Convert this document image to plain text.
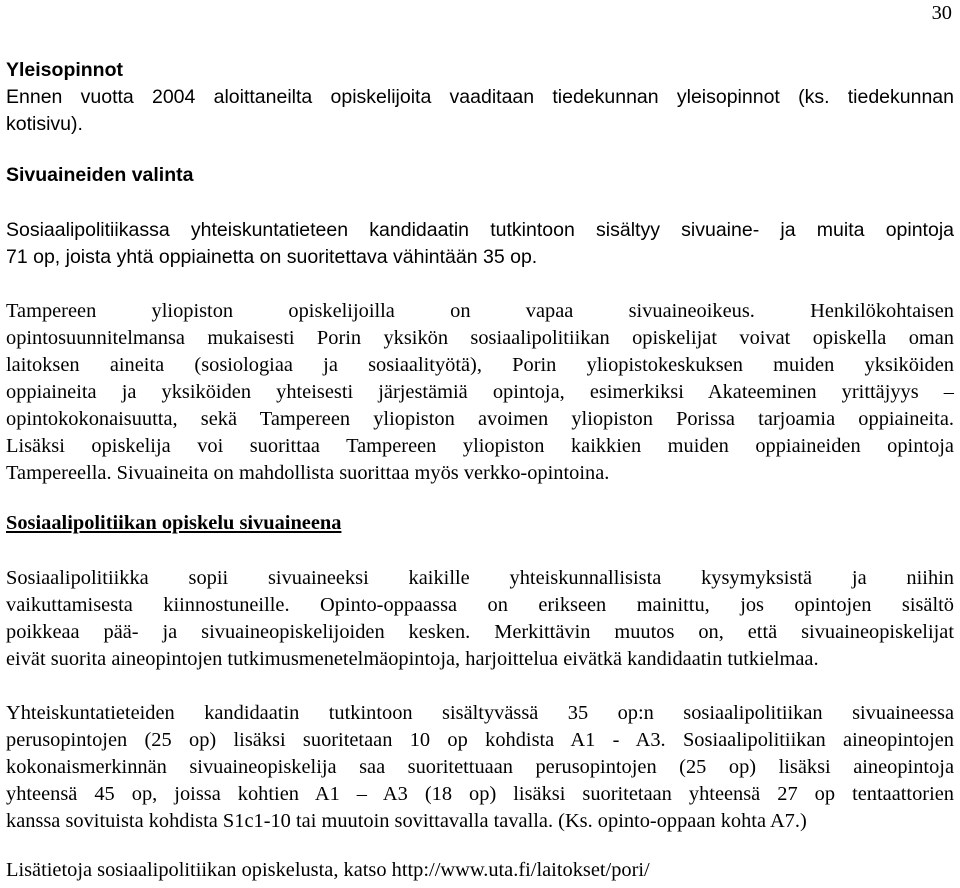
30
Yleisopinnot
Ennen vuotta 2004 aloittaneilta opiskelijoita vaaditaan tiedekunnan yleisopinnot (ks. tiedekunnan
kotisivu).
Sivuaineiden valinta
Sosiaalipolitiikassa yhteiskuntatieteen kandidaatin tutkintoon sisältyy sivuaine- ja muita opintoja
71 op, joista yhtä oppiainetta on suoritettava vähintään 35 op.
Tampereen yliopiston opiskelijoilla on vapaa sivuaineoikeus. Henkilökohtaisen
opintosuunnitelmansa mukaisesti Porin yksikön sosiaalipolitiikan opiskelijat voivat opiskella oman
laitoksen aineita (sosiologiaa ja sosiaalityötä), Porin yliopistokeskuksen muiden yksiköiden
oppiaineita ja yksiköiden yhteisesti järjestämiä opintoja, esimerkiksi Akateeminen yrittäjyys –
opintokokonaisuutta, sekä Tampereen yliopiston avoimen yliopiston Porissa tarjoamia oppiaineita.
Lisäksi opiskelija voi suorittaa Tampereen yliopiston kaikkien muiden oppiaineiden opintoja
Tampereella. Sivuaineita on mahdollista suorittaa myös verkko-opintoina.
Sosiaalipolitiikan opiskelu sivuaineena
Sosiaalipolitiikka sopii sivuaineeksi kaikille yhteiskunnallisista kysymyksistä ja niihin
vaikuttamisesta kiinnostuneille. Opinto-oppaassa on erikseen mainittu, jos opintojen sisältö
poikkeaa pää- ja sivuaineopiskelijoiden kesken. Merkittävin muutos on, että sivuaineopiskelijat
eivät suorita aineopintojen tutkimusmenetelmäopintoja, harjoittelua eivätkä kandidaatin tutkielmaa.
Yhteiskuntatieteiden kandidaatin tutkintoon sisältyvässä 35 op:n sosiaalipolitiikan sivuaineessa
perusopintojen (25 op) lisäksi suoritetaan 10 op kohdista A1 - A3. Sosiaalipolitiikan aineopintojen
kokonaismerkinnän sivuaineopiskelija saa suoritettuaan perusopintojen (25 op) lisäksi aineopintoja
yhteensä 45 op, joissa kohtien A1 – A3 (18 op) lisäksi suoritetaan yhteensä 27 op tentaattorien
kanssa sovituista kohdista S1c1-10 tai muutoin sovittavalla tavalla. (Ks. opinto-oppaan kohta A7.)
Lisätietoja sosiaalipolitiikan opiskelusta, katso http://www.uta.fi/laitokset/pori/
